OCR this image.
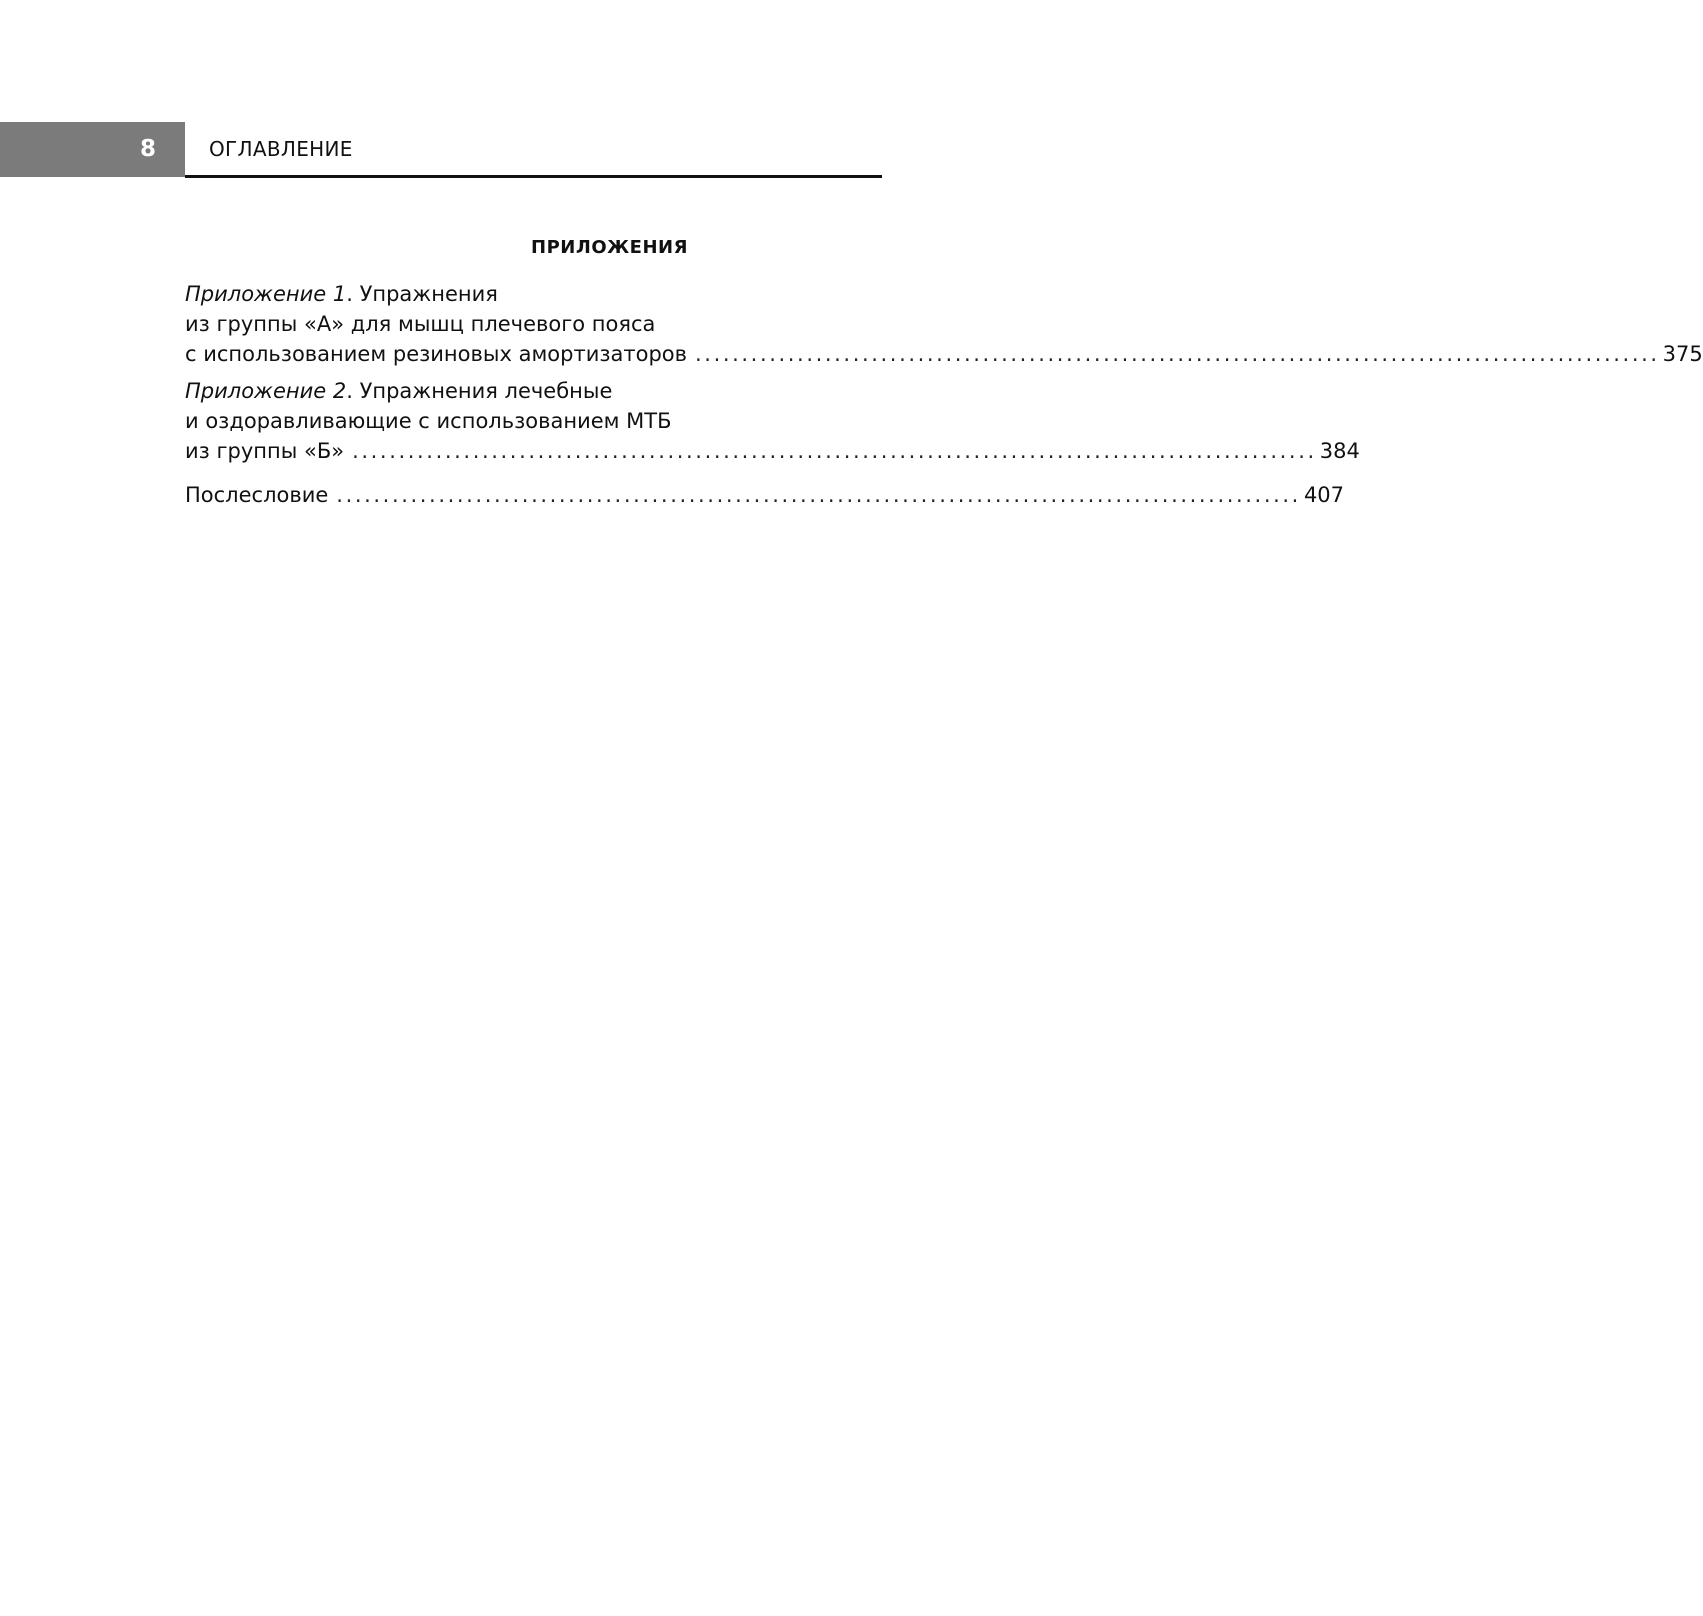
8	ОГЛАВЛЕНИЕ
ПРИЛОЖЕНИЯ
Приложение 1. Упражнения
из группы «А» для мышц плечевого пояса
с использованием резиновых амортизаторов ........................................................................................................ 375
Приложение 2. Упражнения лечебные
и оздоравливающие с использованием МТБ
из группы «Б» ........................................................................................................ 384
Послесловие ........................................................................................................ 407
